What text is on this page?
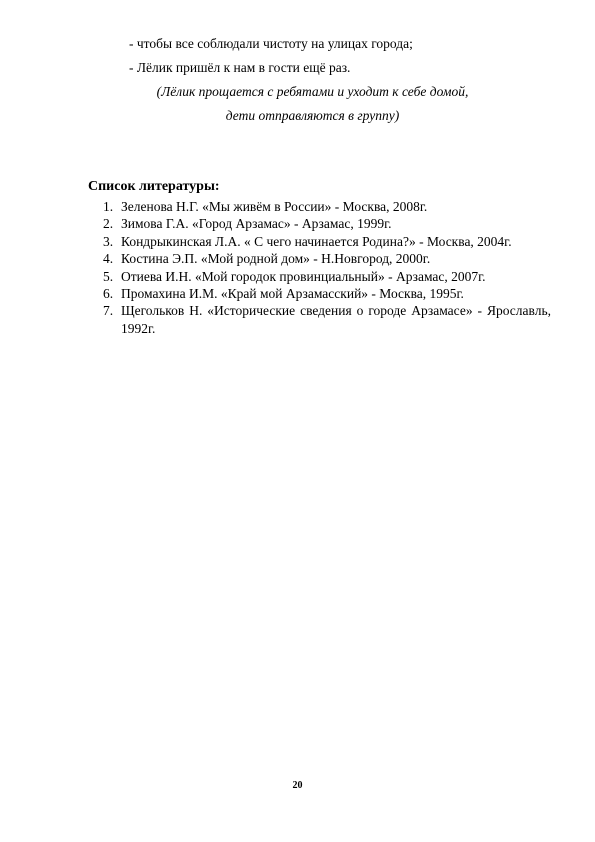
- чтобы все соблюдали чистоту на улицах города;
- Лёлик пришёл к нам в гости ещё раз.
(Лёлик прощается с ребятами и уходит к себе домой,
дети отправляются в группу)
Список литературы:
1. Зеленова Н.Г. «Мы живём в России» - Москва, 2008г.
2. Зимова Г.А. «Город Арзамас» - Арзамас, 1999г.
3. Кондрыкинская Л.А. « С чего начинается Родина?» - Москва, 2004г.
4. Костина Э.П. «Мой родной дом» - Н.Новгород, 2000г.
5. Отиева И.Н. «Мой городок провинциальный» - Арзамас, 2007г.
6. Промахина И.М. «Край мой Арзамасский» - Москва, 1995г.
7. Щегольков Н. «Исторические сведения о городе Арзамасе» - Ярославль, 1992г.
20
